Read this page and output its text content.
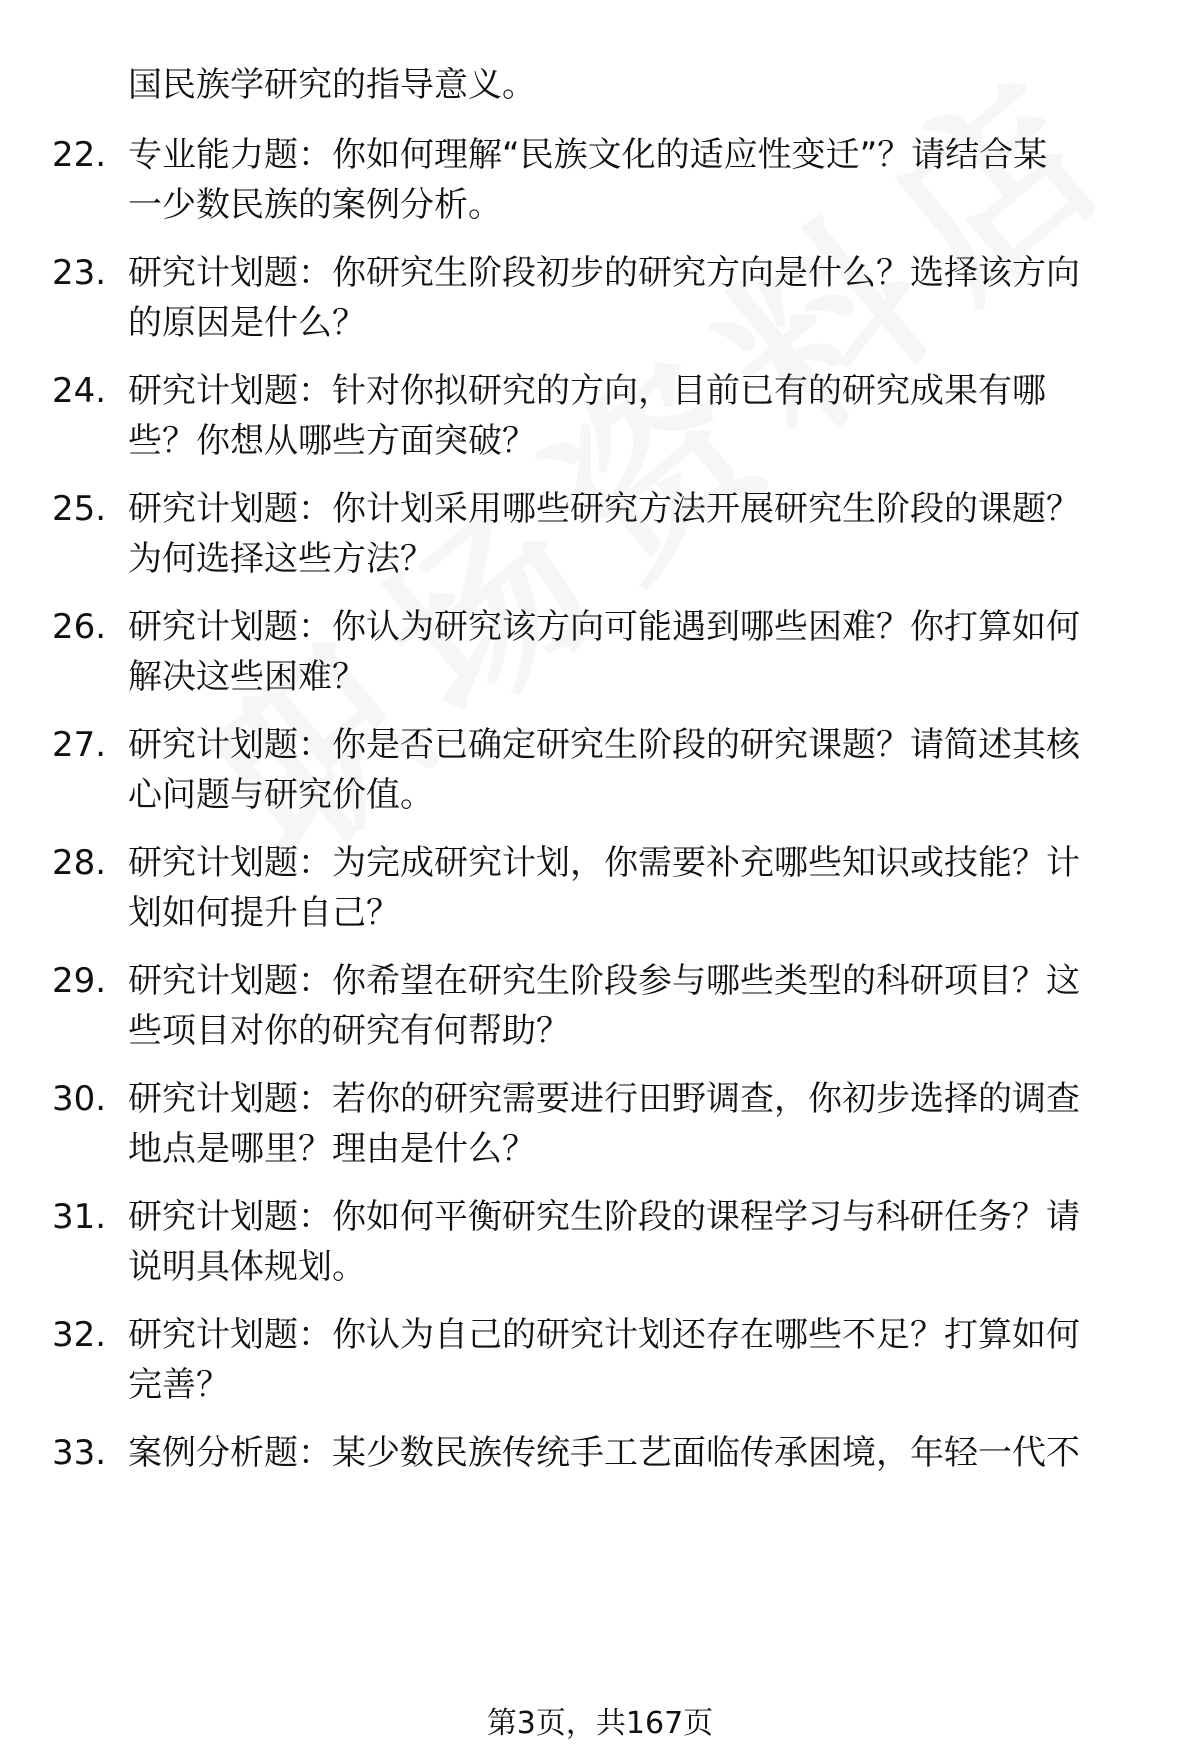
国民族学研究的指导意义。
22. 专业能力题：你如何理解“民族文化的适应性变迁”？请结合某
一少数民族的案例分析。
23. 研究计划题：你研究生阶段初步的研究方向是什么？选择该方向
的原因是什么？
24. 研究计划题：针对你拟研究的方向，目前已有的研究成果有哪
些？你想从哪些方面突破？
25. 研究计划题：你计划采用哪些研究方法开展研究生阶段的课题？
为何选择这些方法？
26. 研究计划题：你认为研究该方向可能遇到哪些困难？你打算如何
解决这些困难？
27. 研究计划题：你是否已确定研究生阶段的研究课题？请简述其核
心问题与研究价值。
28. 研究计划题：为完成研究计划，你需要补充哪些知识或技能？计
划如何提升自己？
29. 研究计划题：你希望在研究生阶段参与哪些类型的科研项目？这
些项目对你的研究有何帮助？
30. 研究计划题：若你的研究需要进行田野调查，你初步选择的调查
地点是哪里？理由是什么？
31. 研究计划题：你如何平衡研究生阶段的课程学习与科研任务？请
说明具体规划。
32. 研究计划题：你认为自己的研究计划还存在哪些不足？打算如何
完善？
33. 案例分析题：某少数民族传统手工艺面临传承困境，年轻一代不
第3页，共167页
